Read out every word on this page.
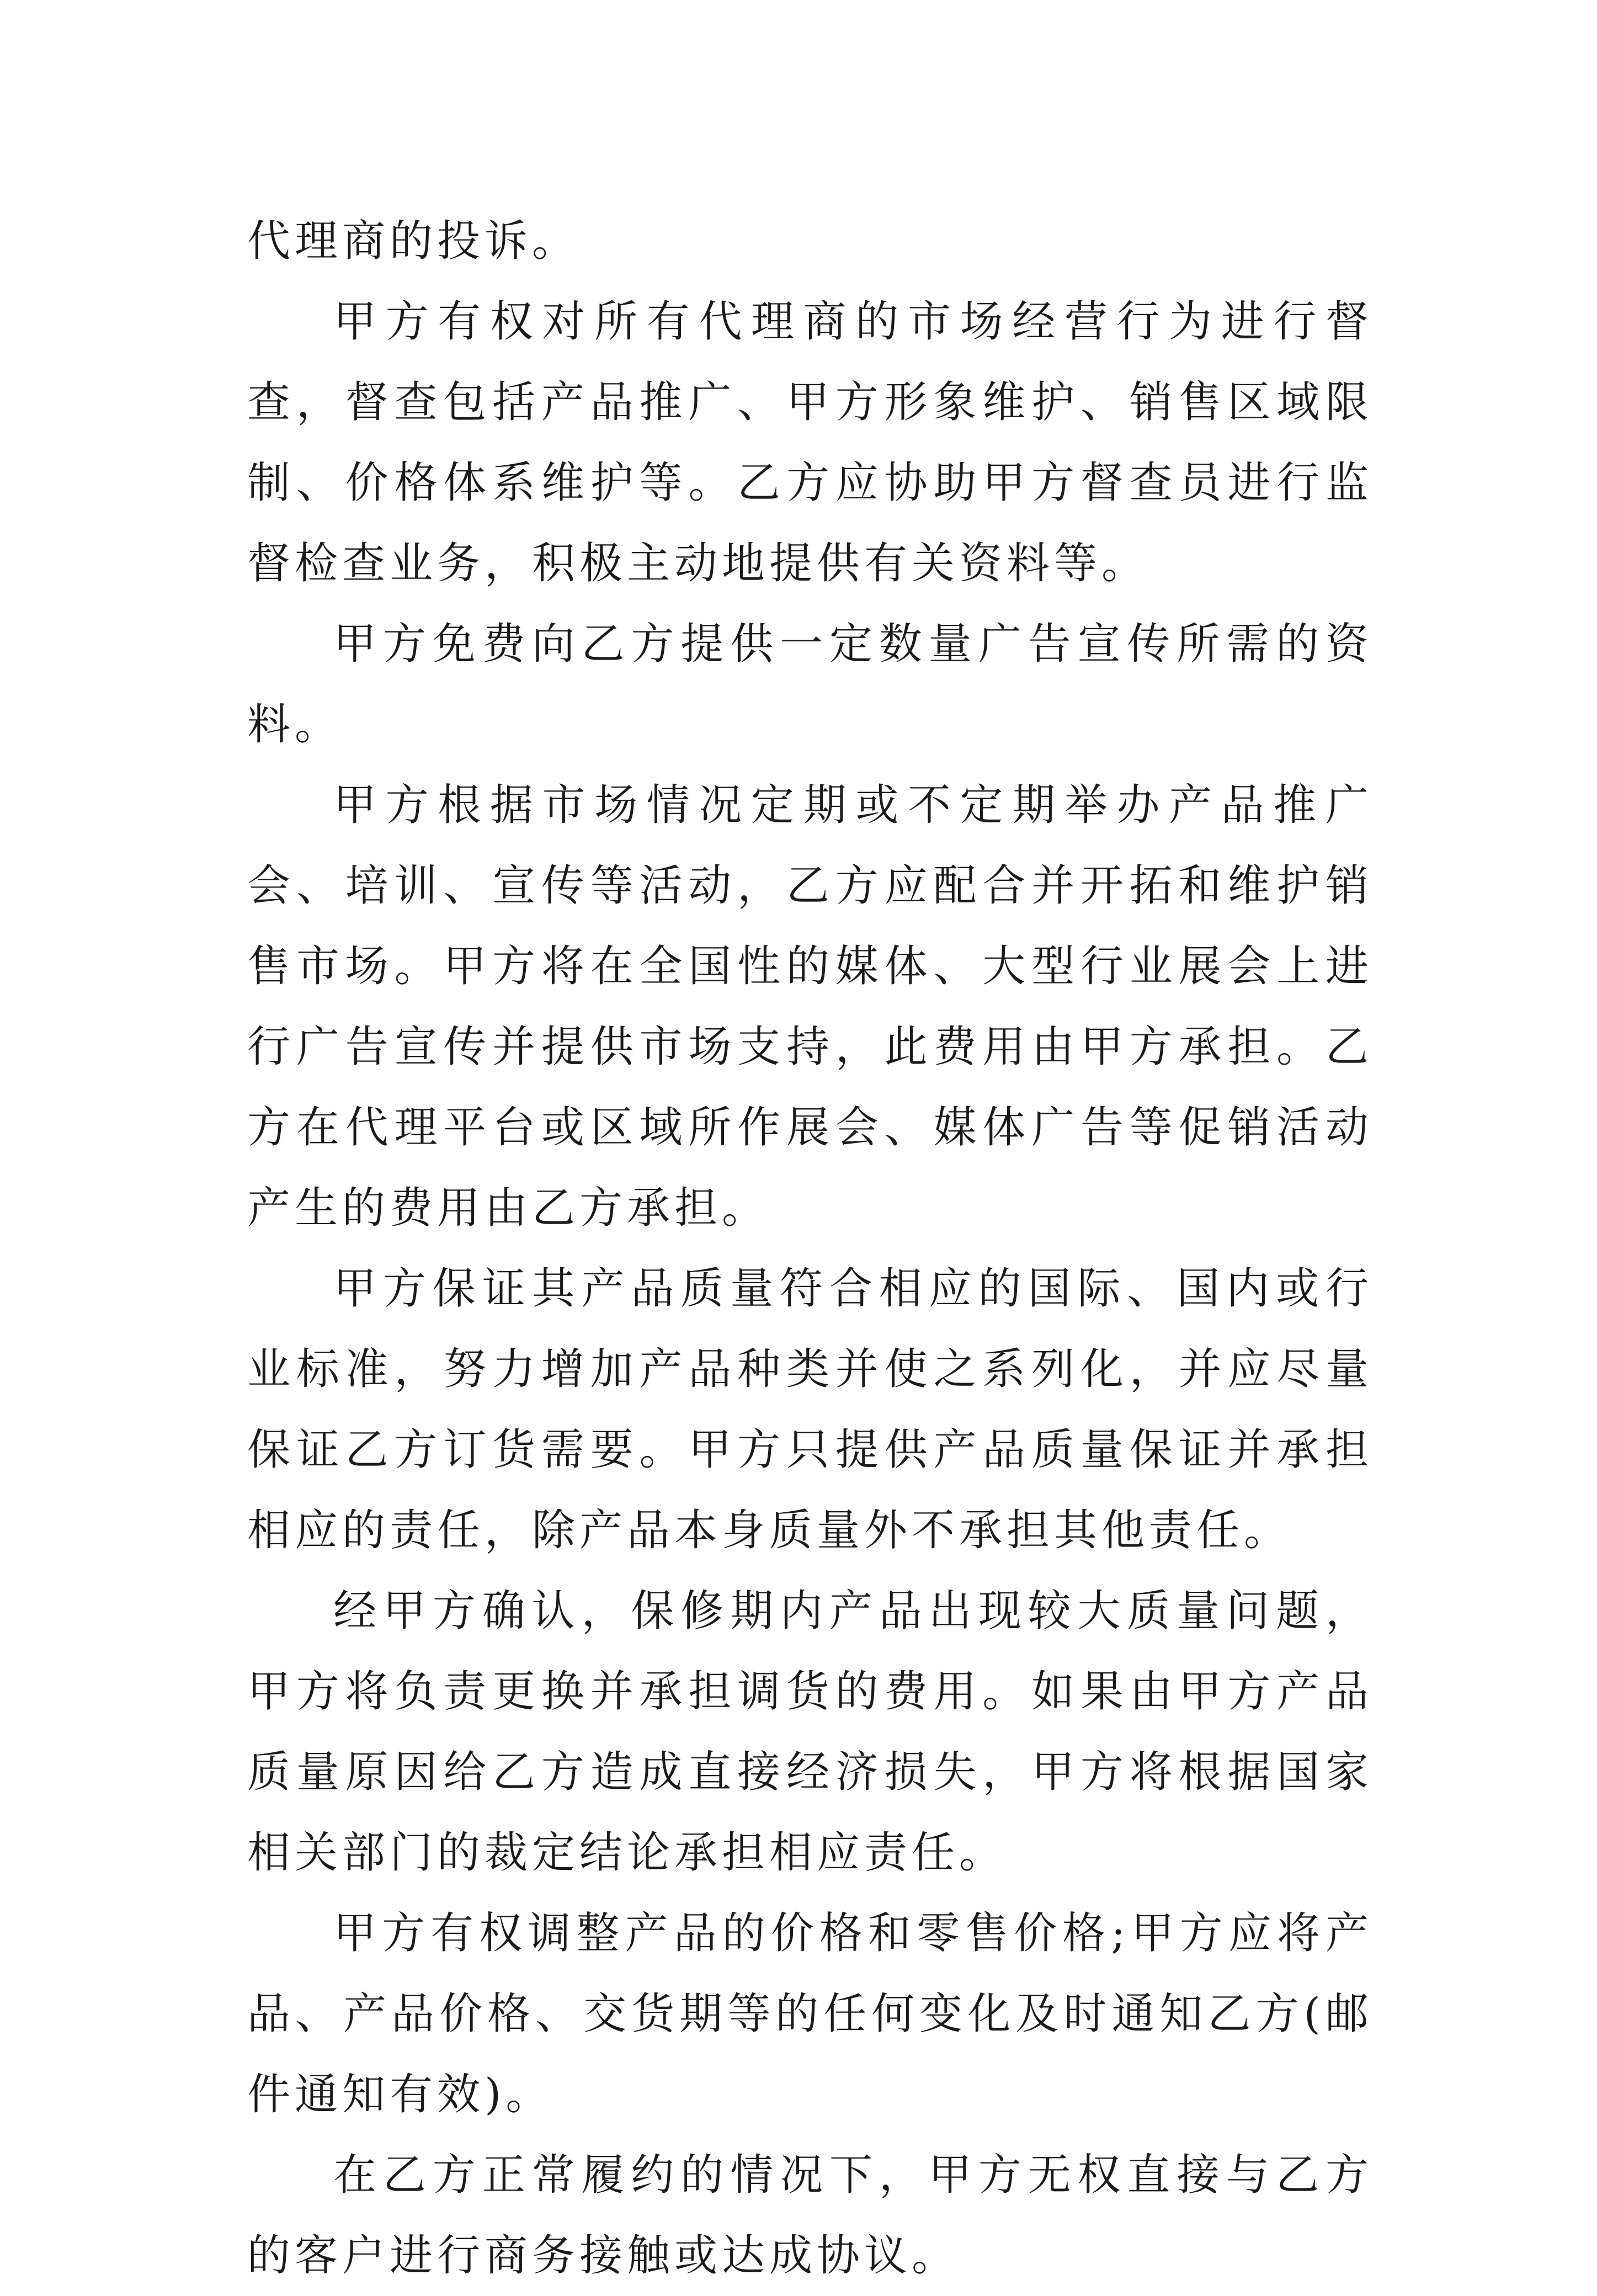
代理商的投诉。

甲方有权对所有代理商的市场经营行为进行督查，督查包括产品推广、甲方形象维护、销售区域限制、价格体系维护等。乙方应协助甲方督查员进行监督检查业务，积极主动地提供有关资料等。

甲方免费向乙方提供一定数量广告宣传所需的资料。

甲方根据市场情况定期或不定期举办产品推广会、培训、宣传等活动，乙方应配合并开拓和维护销售市场。甲方将在全国性的媒体、大型行业展会上进行广告宣传并提供市场支持，此费用由甲方承担。乙方在代理平台或区域所作展会、媒体广告等促销活动产生的费用由乙方承担。

甲方保证其产品质量符合相应的国际、国内或行业标准，努力增加产品种类并使之系列化，并应尽量保证乙方订货需要。甲方只提供产品质量保证并承担相应的责任，除产品本身质量外不承担其他责任。

经甲方确认，保修期内产品出现较大质量问题，甲方将负责更换并承担调货的费用。如果由甲方产品质量原因给乙方造成直接经济损失，甲方将根据国家相关部门的裁定结论承担相应责任。

甲方有权调整产品的价格和零售价格;甲方应将产品、产品价格、交货期等的任何变化及时通知乙方(邮件通知有效)。

在乙方正常履约的情况下，甲方无权直接与乙方的客户进行商务接触或达成协议。
